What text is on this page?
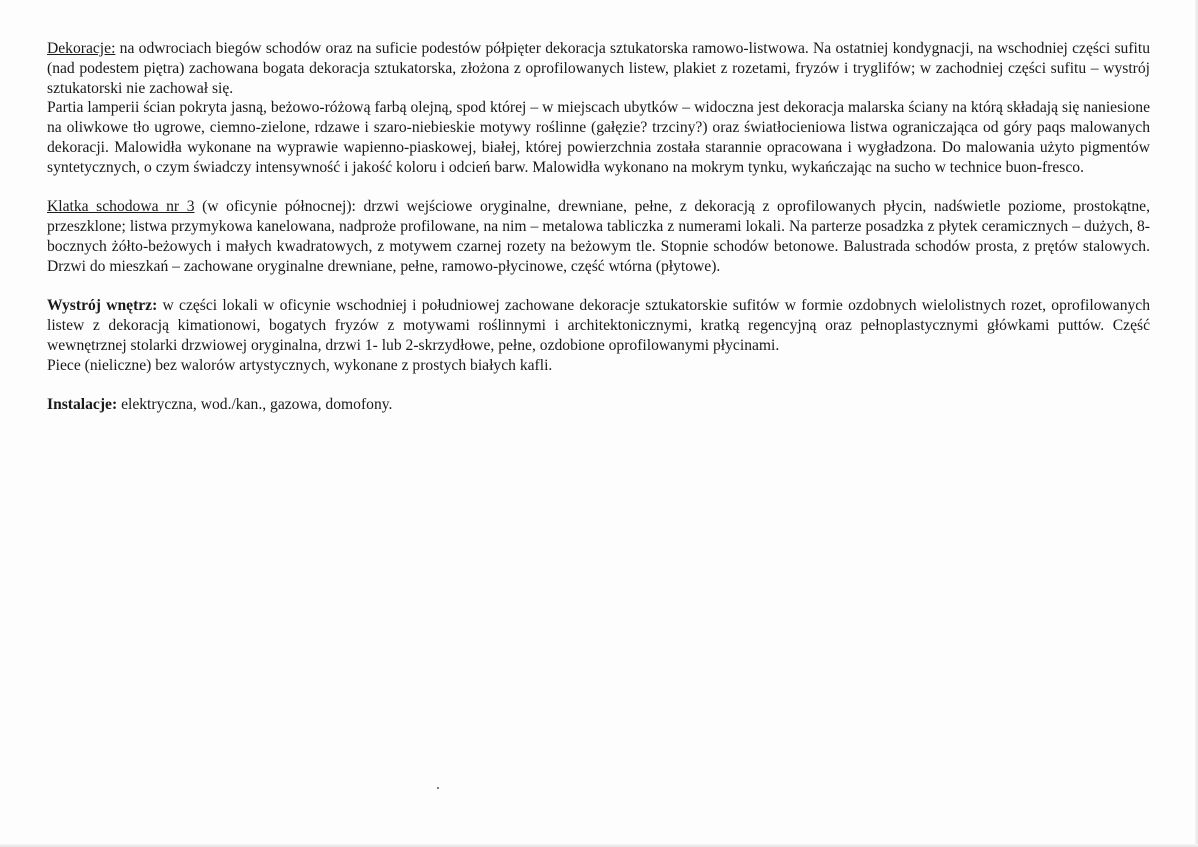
Dekoracje: na odwrociach biegów schodów oraz na suficie podestów półpięter dekoracja sztukatorska ramowo-listwowa. Na ostatniej kondygnacji, na wschodniej części sufitu (nad podestem piętra) zachowana bogata dekoracja sztukatorska, złożona z oprofilowanych listew, plakiet z rozetami, fryzów i tryglifów; w zachodniej części sufitu – wystrój sztukatorski nie zachował się.

Partia lamperii ścian pokryta jasną, beżowo-różową farbą olejną, spod której – w miejscach ubytków – widoczna jest dekoracja malarska ściany na którą składają się naniesione na oliwkowe tło ugrowe, ciemno-zielone, rdzawe i szaro-niebieskie motywy roślinne (gałęzie? trzciny?) oraz światłocieniowa listwa ograniczająca od góry paqs malowanych dekoracji. Malowidła wykonane na wyprawie wapienno-piaskowej, białej, której powierzchnia została starannie opracowana i wygładzona. Do malowania użyto pigmentów syntetycznych, o czym świadczy intensywność i jakość koloru i odcień barw. Malowidła wykonano na mokrym tynku, wykańczając na sucho w technice buon-fresco.

Klatka schodowa nr 3 (w oficynie północnej): drzwi wejściowe oryginalne, drewniane, pełne, z dekoracją z oprofilowanych płycin, nadświetle poziome, prostokątne, przeszklone; listwa przymykowa kanelowana, nadproże profilowane, na nim – metalowa tabliczka z numerami lokali. Na parterze posadzka z płytek ceramicznych – dużych, 8-bocznych żółto-beżowych i małych kwadratowych, z motywem czarnej rozety na beżowym tle. Stopnie schodów betonowe. Balustrada schodów prosta, z prętów stalowych. Drzwi do mieszkań – zachowane oryginalne drewniane, pełne, ramowo-płycinowe, część wtórna (płytowe).

Wystrój wnętrz: w części lokali w oficynie wschodniej i południowej zachowane dekoracje sztukatorskie sufitów w formie ozdobnych wielolistnych rozet, oprofilowanych listew z dekoracją kimationowi, bogatych fryzów z motywami roślinnymi i architektonicznymi, kratką regencyjną oraz pełnoplastycznymi główkami puttów. Część wewnętrznej stolarki drzwiowej oryginalna, drzwi 1- lub 2-skrzydłowe, pełne, ozdobione oprofilowanymi płycinami.

Piece (nieliczne) bez walorów artystycznych, wykonane z prostych białych kafli.

Instalacje: elektryczna, wod./kan., gazowa, domofony.
